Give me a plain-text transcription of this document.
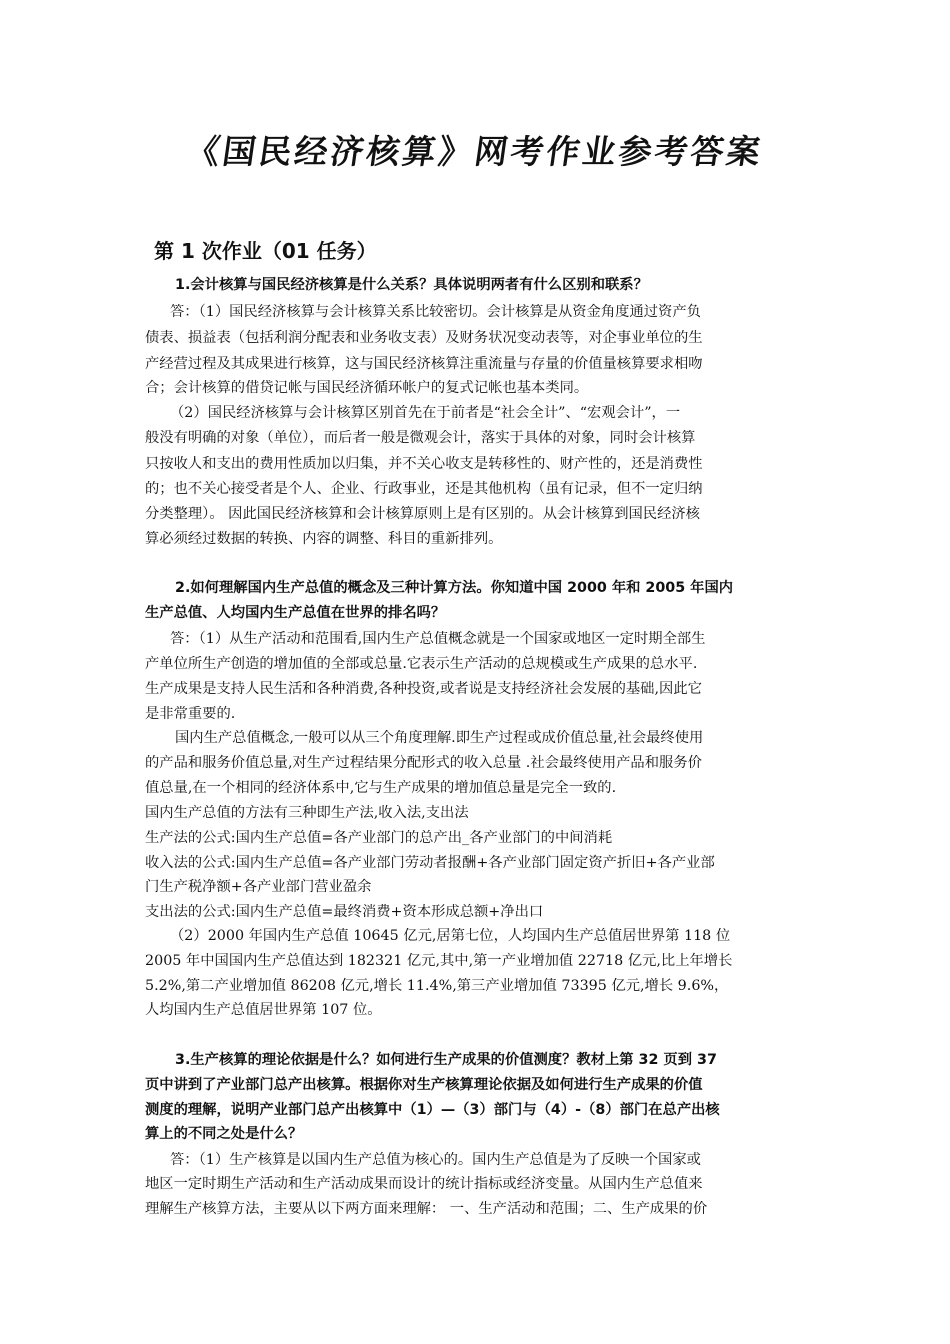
《国民经济核算》网考作业参考答案
第 1 次作业（01 任务）
1.会计核算与国民经济核算是什么关系？具体说明两者有什么区别和联系？
答：（1）国民经济核算与会计核算关系比较密切。会计核算是从资金角度通过资产负
债表、损益表（包括利润分配表和业务收支表）及财务状况变动表等，对企事业单位的生
产经营过程及其成果进行核算，这与国民经济核算注重流量与存量的价值量核算要求相吻
合；会计核算的借贷记帐与国民经济循环帐户的复式记帐也基本类同。
（2）国民经济核算与会计核算区别首先在于前者是“社会全计”、“宏观会计”，一
般没有明确的对象（单位），而后者一般是微观会计，落实于具体的对象，同时会计核算
只按收人和支出的费用性质加以归集，并不关心收支是转移性的、财产性的，还是消费性
的；也不关心接受者是个人、企业、行政事业，还是其他机构（虽有记录，但不一定归纳
分类整理）。 因此国民经济核算和会计核算原则上是有区别的。从会计核算到国民经济核
算必须经过数据的转换、内容的调整、科目的重新排列。
2.如何理解国内生产总值的概念及三种计算方法。你知道中国 2000 年和 2005 年国内
生产总值、人均国内生产总值在世界的排名吗？
答：（1）从生产活动和范围看,国内生产总值概念就是一个国家或地区一定时期全部生
产单位所生产创造的增加值的全部或总量.它表示生产活动的总规模或生产成果的总水平.
生产成果是支持人民生活和各种消费,各种投资,或者说是支持经济社会发展的基础,因此它
是非常重要的.
国内生产总值概念,一般可以从三个角度理解.即生产过程或成价值总量,社会最终使用
的产品和服务价值总量,对生产过程结果分配形式的收入总量 .社会最终使用产品和服务价
值总量,在一个相同的经济体系中,它与生产成果的增加值总量是完全一致的.
国内生产总值的方法有三种即生产法,收入法,支出法
生产法的公式:国内生产总值=各产业部门的总产出_各产业部门的中间消耗
收入法的公式:国内生产总值=各产业部门劳动者报酬+各产业部门固定资产折旧+各产业部
门生产税净额+各产业部门营业盈余
支出法的公式:国内生产总值=最终消费+资本形成总额+净出口
（2）2000 年国内生产总值 10645 亿元,居第七位，人均国内生产总值居世界第 118 位
2005 年中国国内生产总值达到 182321 亿元,其中,第一产业增加值 22718 亿元,比上年增长
5.2%,第二产业增加值 86208 亿元,增长 11.4%,第三产业增加值 73395 亿元,增长 9.6%，
人均国内生产总值居世界第 107 位。
3.生产核算的理论依据是什么？如何进行生产成果的价值测度？教材上第 32 页到 37
页中讲到了产业部门总产出核算。根据你对生产核算理论依据及如何进行生产成果的价值
测度的理解，说明产业部门总产出核算中（1）—（3）部门与（4）-（8）部门在总产出核
算上的不同之处是什么？
答：（1）生产核算是以国内生产总值为核心的。国内生产总值是为了反映一个国家或
地区一定时期生产活动和生产活动成果而设计的统计指标或经济变量。从国内生产总值来
理解生产核算方法，主要从以下两方面来理解： 一、生产活动和范围；二、生产成果的价
